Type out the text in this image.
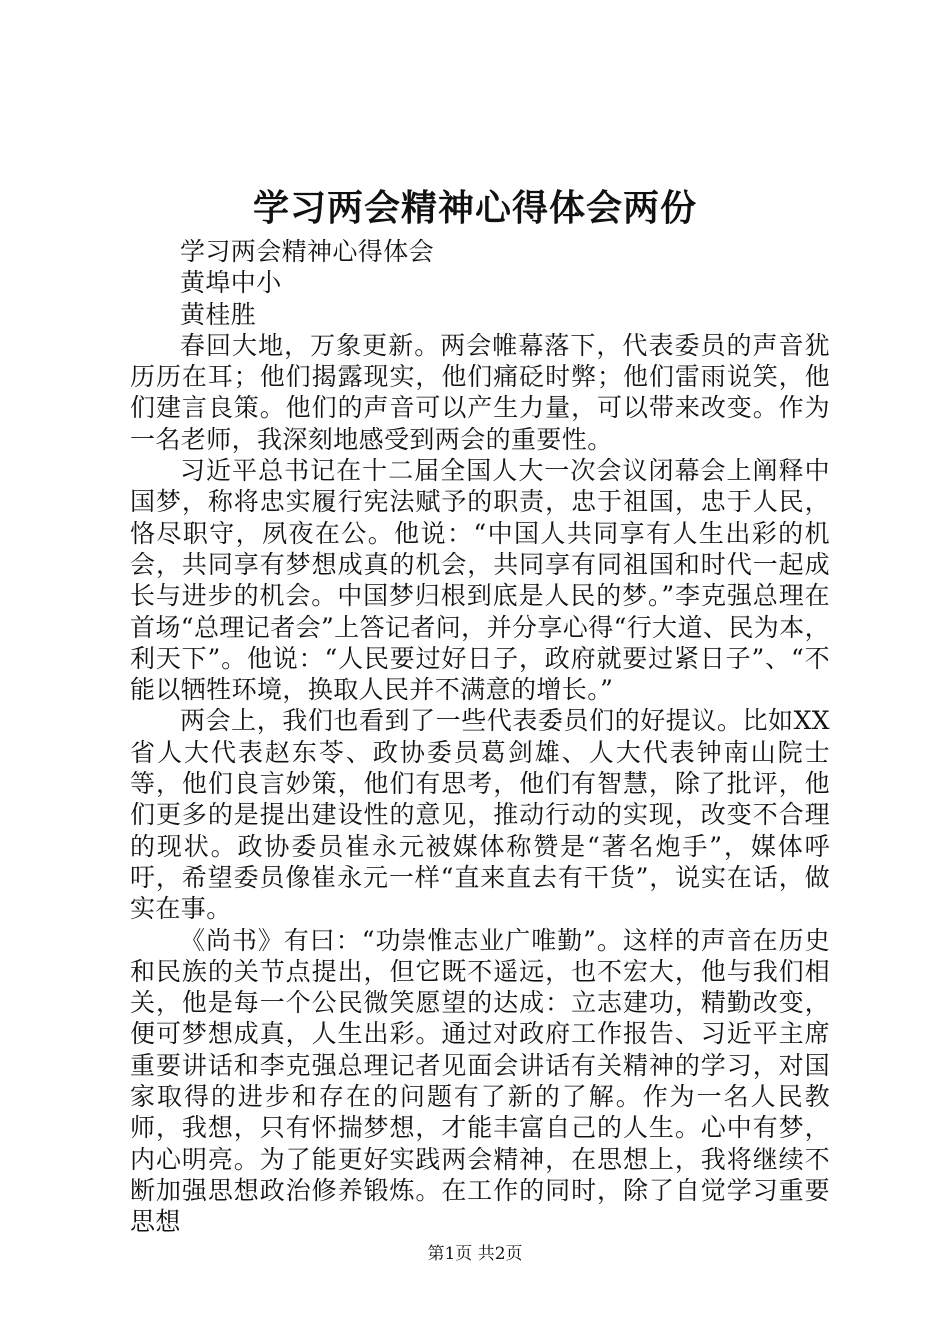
学习两会精神心得体会两份

学习两会精神心得体会

黄埠中小

黄桂胜

春回大地，万象更新。两会帷幕落下，代表委员的声音犹历历在耳；他们揭露现实，他们痛砭时弊；他们雷雨说笑，他们建言良策。他们的声音可以产生力量，可以带来改变。作为一名老师，我深刻地感受到两会的重要性。

习近平总书记在十二届全国人大一次会议闭幕会上阐释中国梦，称将忠实履行宪法赋予的职责，忠于祖国，忠于人民，恪尽职守，夙夜在公。他说：“中国人共同享有人生出彩的机会，共同享有梦想成真的机会，共同享有同祖国和时代一起成长与进步的机会。中国梦归根到底是人民的梦。”李克强总理在首场“总理记者会”上答记者问，并分享心得“行大道、民为本，利天下”。他说：“人民要过好日子，政府就要过紧日子”、“不能以牺牲环境，换取人民并不满意的增长。”

两会上，我们也看到了一些代表委员们的好提议。比如XX省人大代表赵东苓、政协委员葛剑雄、人大代表钟南山院士等，他们良言妙策，他们有思考，他们有智慧，除了批评，他们更多的是提出建设性的意见，推动行动的实现，改变不合理的现状。政协委员崔永元被媒体称赞是“著名炮手”，媒体呼吁，希望委员像崔永元一样“直来直去有干货”，说实在话，做实在事。

《尚书》有曰：“功崇惟志业广唯勤”。这样的声音在历史和民族的关节点提出，但它既不遥远，也不宏大，他与我们相关，他是每一个公民微笑愿望的达成：立志建功，精勤改变，便可梦想成真，人生出彩。通过对政府工作报告、习近平主席重要讲话和李克强总理记者见面会讲话有关精神的学习，对国家取得的进步和存在的问题有了新的了解。作为一名人民教师，我想，只有怀揣梦想，才能丰富自己的人生。心中有梦，内心明亮。为了能更好实践两会精神，在思想上，我将继续不断加强思想政治修养锻炼。在工作的同时，除了自觉学习重要思想

第1页 共2页
